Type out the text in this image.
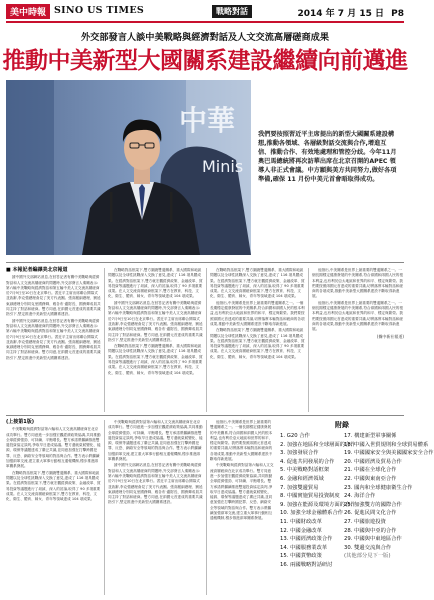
美中時報 SINO US TIMES	戰略對話	2014 年 7 月 15 日 P8
外交部發言人談中美戰略與經濟對話及人文交流高層磋商成果
推動中美新型大國關系建設繼續向前邁進
中華
Minis
我們要按照習近平主席提出的新型大國關系建設構想,推動各領域、各層級對話交流與合作,增進互信、推動合作、有效地處理和管控分歧。今年11月奧巴馬總統將再次訪華出席在北京召開的APEC 領導人非正式會議。中方願與美方共同努力,做好各項準備,確保 11 月份中美元首會晤取得成功。
■ 本報記者編譯美北京報道

據中國外交部網站消息,在回答記者有關中美戰略與經濟對話和人文交流高層磋商的問題時,外交部發言人秦剛表示:第六輪中美戰略與經濟對話和第五輪中美人文交流高層磋商於7月9日至10日在北京舉行。習近平主席出席聯合開幕式並致辭,李克強總理會見了美方代表團。張高麗副總理、劉延東副總理分別同克里國務卿、雅各布·盧財長、國務卿成員共同主持了對話和磋商。雙方同意,在兩國元首達成的重要共識指引下,堅定推進中美新型大國關系建設。

據中國外交部網站消息,在回答記者有關中美戰略與經濟對話和人文交流高層磋商的問題時,外交部發言人秦剛表示:第六輪中美戰略與經濟對話和第五輪中美人文交流高層磋商於7月9日至10日在北京舉行。習近平主席出席聯合開幕式並致辭,李克強總理會見了美方代表團。張高麗副總理、劉延東副總理分別同克里國務卿、雅各布·盧財長、國務卿成員共同主持了對話和磋商。雙方同意,在兩國元首達成的重要共識指引下,堅定推進中美新型大國關系建設。

在戰略對話框架下,雙方圍繞雙邊關系、重大國際和地區問題以及全球性挑戰深入交換了意見,達成了 116 項具體成果。在經濟對話框架下,雙方就宏觀經濟政策、金融改革、貿易投資等議題進行了坦誠、深入的討論,取得了 90 多項重要成果。在人文交流高層磋商框架下,雙方在教育、科技、文化、衛生、體育、婦女、青年等領域達成 104 項成果。

據中國外交部網站消息,在回答記者有關中美戰略與經濟對話和人文交流高層磋商的問題時,外交部發言人秦剛表示:第六輪中美戰略與經濟對話和第五輪中美人文交流高層磋商於7月9日至10日在北京舉行。習近平主席出席聯合開幕式並致辭,李克強總理會見了美方代表團。張高麗副總理、劉延東副總理分別同克里國務卿、雅各布·盧財長、國務卿成員共同主持了對話和磋商。雙方同意,在兩國元首達成的重要共識指引下,堅定推進中美新型大國關系建設。

在戰略對話框架下,雙方圍繞雙邊關系、重大國際和地區問題以及全球性挑戰深入交換了意見,達成了 116 項具體成果。在經濟對話框架下,雙方就宏觀經濟政策、金融改革、貿易投資等議題進行了坦誠、深入的討論,取得了 90 多項重要成果。在人文交流高層磋商框架下,雙方在教育、科技、文化、衛生、體育、婦女、青年等領域達成 104 項成果。

在戰略對話框架下,雙方圍繞雙邊關系、重大國際和地區問題以及全球性挑戰深入交換了意見,達成了 116 項具體成果。在經濟對話框架下,雙方就宏觀經濟政策、金融改革、貿易投資等議題進行了坦誠、深入的討論,取得了 90 多項重要成果。在人文交流高層磋商框架下,雙方在教育、科技、文化、衛生、體育、婦女、青年等領域達成 104 項成果。

他指出,中美關系是世界上最重要的雙邊關系之一。一個長期穩定健康發展的中美關系,符合兩國和兩國人民的根本利益,也有利於亞太地區和世界的和平、穩定與繁榮。我們要按照兩國元首達成的重要共識,切實落實本輪對話和磋商的各項成果,推動中美新型大國關系建設不斷取得新進展。

在戰略對話框架下,雙方圍繞雙邊關系、重大國際和地區問題以及全球性挑戰深入交換了意見,達成了 116 項具體成果。在經濟對話框架下,雙方就宏觀經濟政策、金融改革、貿易投資等議題進行了坦誠、深入的討論,取得了 90 多項重要成果。在人文交流高層磋商框架下,雙方在教育、科技、文化、衛生、體育、婦女、青年等領域達成 104 項成果。

他指出,中美關系是世界上最重要的雙邊關系之一。一個長期穩定健康發展的中美關系,符合兩國和兩國人民的根本利益,也有利於亞太地區和世界的和平、穩定與繁榮。我們要按照兩國元首達成的重要共識,切實落實本輪對話和磋商的各項成果,推動中美新型大國關系建設不斷取得新進展。

他指出,中美關系是世界上最重要的雙邊關系之一。一個長期穩定健康發展的中美關系,符合兩國和兩國人民的根本利益,也有利於亞太地區和世界的和平、穩定與繁榮。我們要按照兩國元首達成的重要共識,切實落實本輪對話和磋商的各項成果,推動中美新型大國關系建設不斷取得新進展。

(據中新社報道)
(上接第1版)

中美戰略與經濟對話第六輪和人文交流高層磋商在北京成功舉行。雙方同意進一步加強宏觀經濟政策協調,共同推動全球經濟強勁、可持續、平衡增長。雙方承諾將繼續推進雙邊投資協定談判,爭取早日達成協議。雙方還就氣候變化、能源、環保等議題達成了廣泛共識,並同意加強在打擊跨國犯罪、反恐、網絡安全等領域的對話與合作。雙方表示將繼續加強兩軍交流,建立重大軍事行動相互通報機制,穩步推進兩軍關系發展。

在戰略對話框架下,雙方圍繞雙邊關系、重大國際和地區問題以及全球性挑戰深入交換了意見,達成了 116 項具體成果。在經濟對話框架下,雙方就宏觀經濟政策、金融改革、貿易投資等議題進行了坦誠、深入的討論,取得了 90 多項重要成果。在人文交流高層磋商框架下,雙方在教育、科技、文化、衛生、體育、婦女、青年等領域達成 104 項成果。

中美戰略與經濟對話第六輪和人文交流高層磋商在北京成功舉行。雙方同意進一步加強宏觀經濟政策協調,共同推動全球經濟強勁、可持續、平衡增長。雙方承諾將繼續推進雙邊投資協定談判,爭取早日達成協議。雙方還就氣候變化、能源、環保等議題達成了廣泛共識,並同意加強在打擊跨國犯罪、反恐、網絡安全等領域的對話與合作。雙方表示將繼續加強兩軍交流,建立重大軍事行動相互通報機制,穩步推進兩軍關系發展。

據中國外交部網站消息,在回答記者有關中美戰略與經濟對話和人文交流高層磋商的問題時,外交部發言人秦剛表示:第六輪中美戰略與經濟對話和第五輪中美人文交流高層磋商於7月9日至10日在北京舉行。習近平主席出席聯合開幕式並致辭,李克強總理會見了美方代表團。張高麗副總理、劉延東副總理分別同克里國務卿、雅各布·盧財長、國務卿成員共同主持了對話和磋商。雙方同意,在兩國元首達成的重要共識指引下,堅定推進中美新型大國關系建設。

他指出,中美關系是世界上最重要的雙邊關系之一。一個長期穩定健康發展的中美關系,符合兩國和兩國人民的根本利益,也有利於亞太地區和世界的和平、穩定與繁榮。我們要按照兩國元首達成的重要共識,切實落實本輪對話和磋商的各項成果,推動中美新型大國關系建設不斷取得新進展。

中美戰略與經濟對話第六輪和人文交流高層磋商在北京成功舉行。雙方同意進一步加強宏觀經濟政策協調,共同推動全球經濟強勁、可持續、平衡增長。雙方承諾將繼續推進雙邊投資協定談判,爭取早日達成協議。雙方還就氣候變化、能源、環保等議題達成了廣泛共識,並同意加強在打擊跨國犯罪、反恐、網絡安全等領域的對話與合作。雙方表示將繼續加強兩軍交流,建立重大軍事行動相互通報機制,穩步推進兩軍關系發展。

附錄
1. G20 合作
2. 加強在地區和全球層面的合作
3. 加強發展合作
4. 促進共同發展的合作
5. 中美戰略對話框架
6. 金融和經濟領域
7. 加強雙邊貿易
8. 中國實施貿易投資制度
9. 加強在能源及環境方面的合作
10. 加強全球金融體系合作
11. 中國財政改革
12. 中國金融改革
13. 中國經濟政策合作
14. 中國服務業改革
15. 中國貨幣政策
16. 兩國戰略對話研討
17. 構建新型軍事關係
18. 中國入世貿規則和全球貿易體系
19. 中國國家安全與美國國家安全合作
20. 中國經濟及貿易合作
21. 中國在全球化合作
22. 中國與東南亞合作
23. 國內和全球健康衛生合作
24. 海洋合作
25. 加強雙方的國際合作
26. 促進民間文化合作
27. 中國旅遊投資
28. 中國與中亞的合作
29. 中國與中東地區合作
30. 雙邊交流與合作
(其他部分見下一版)
